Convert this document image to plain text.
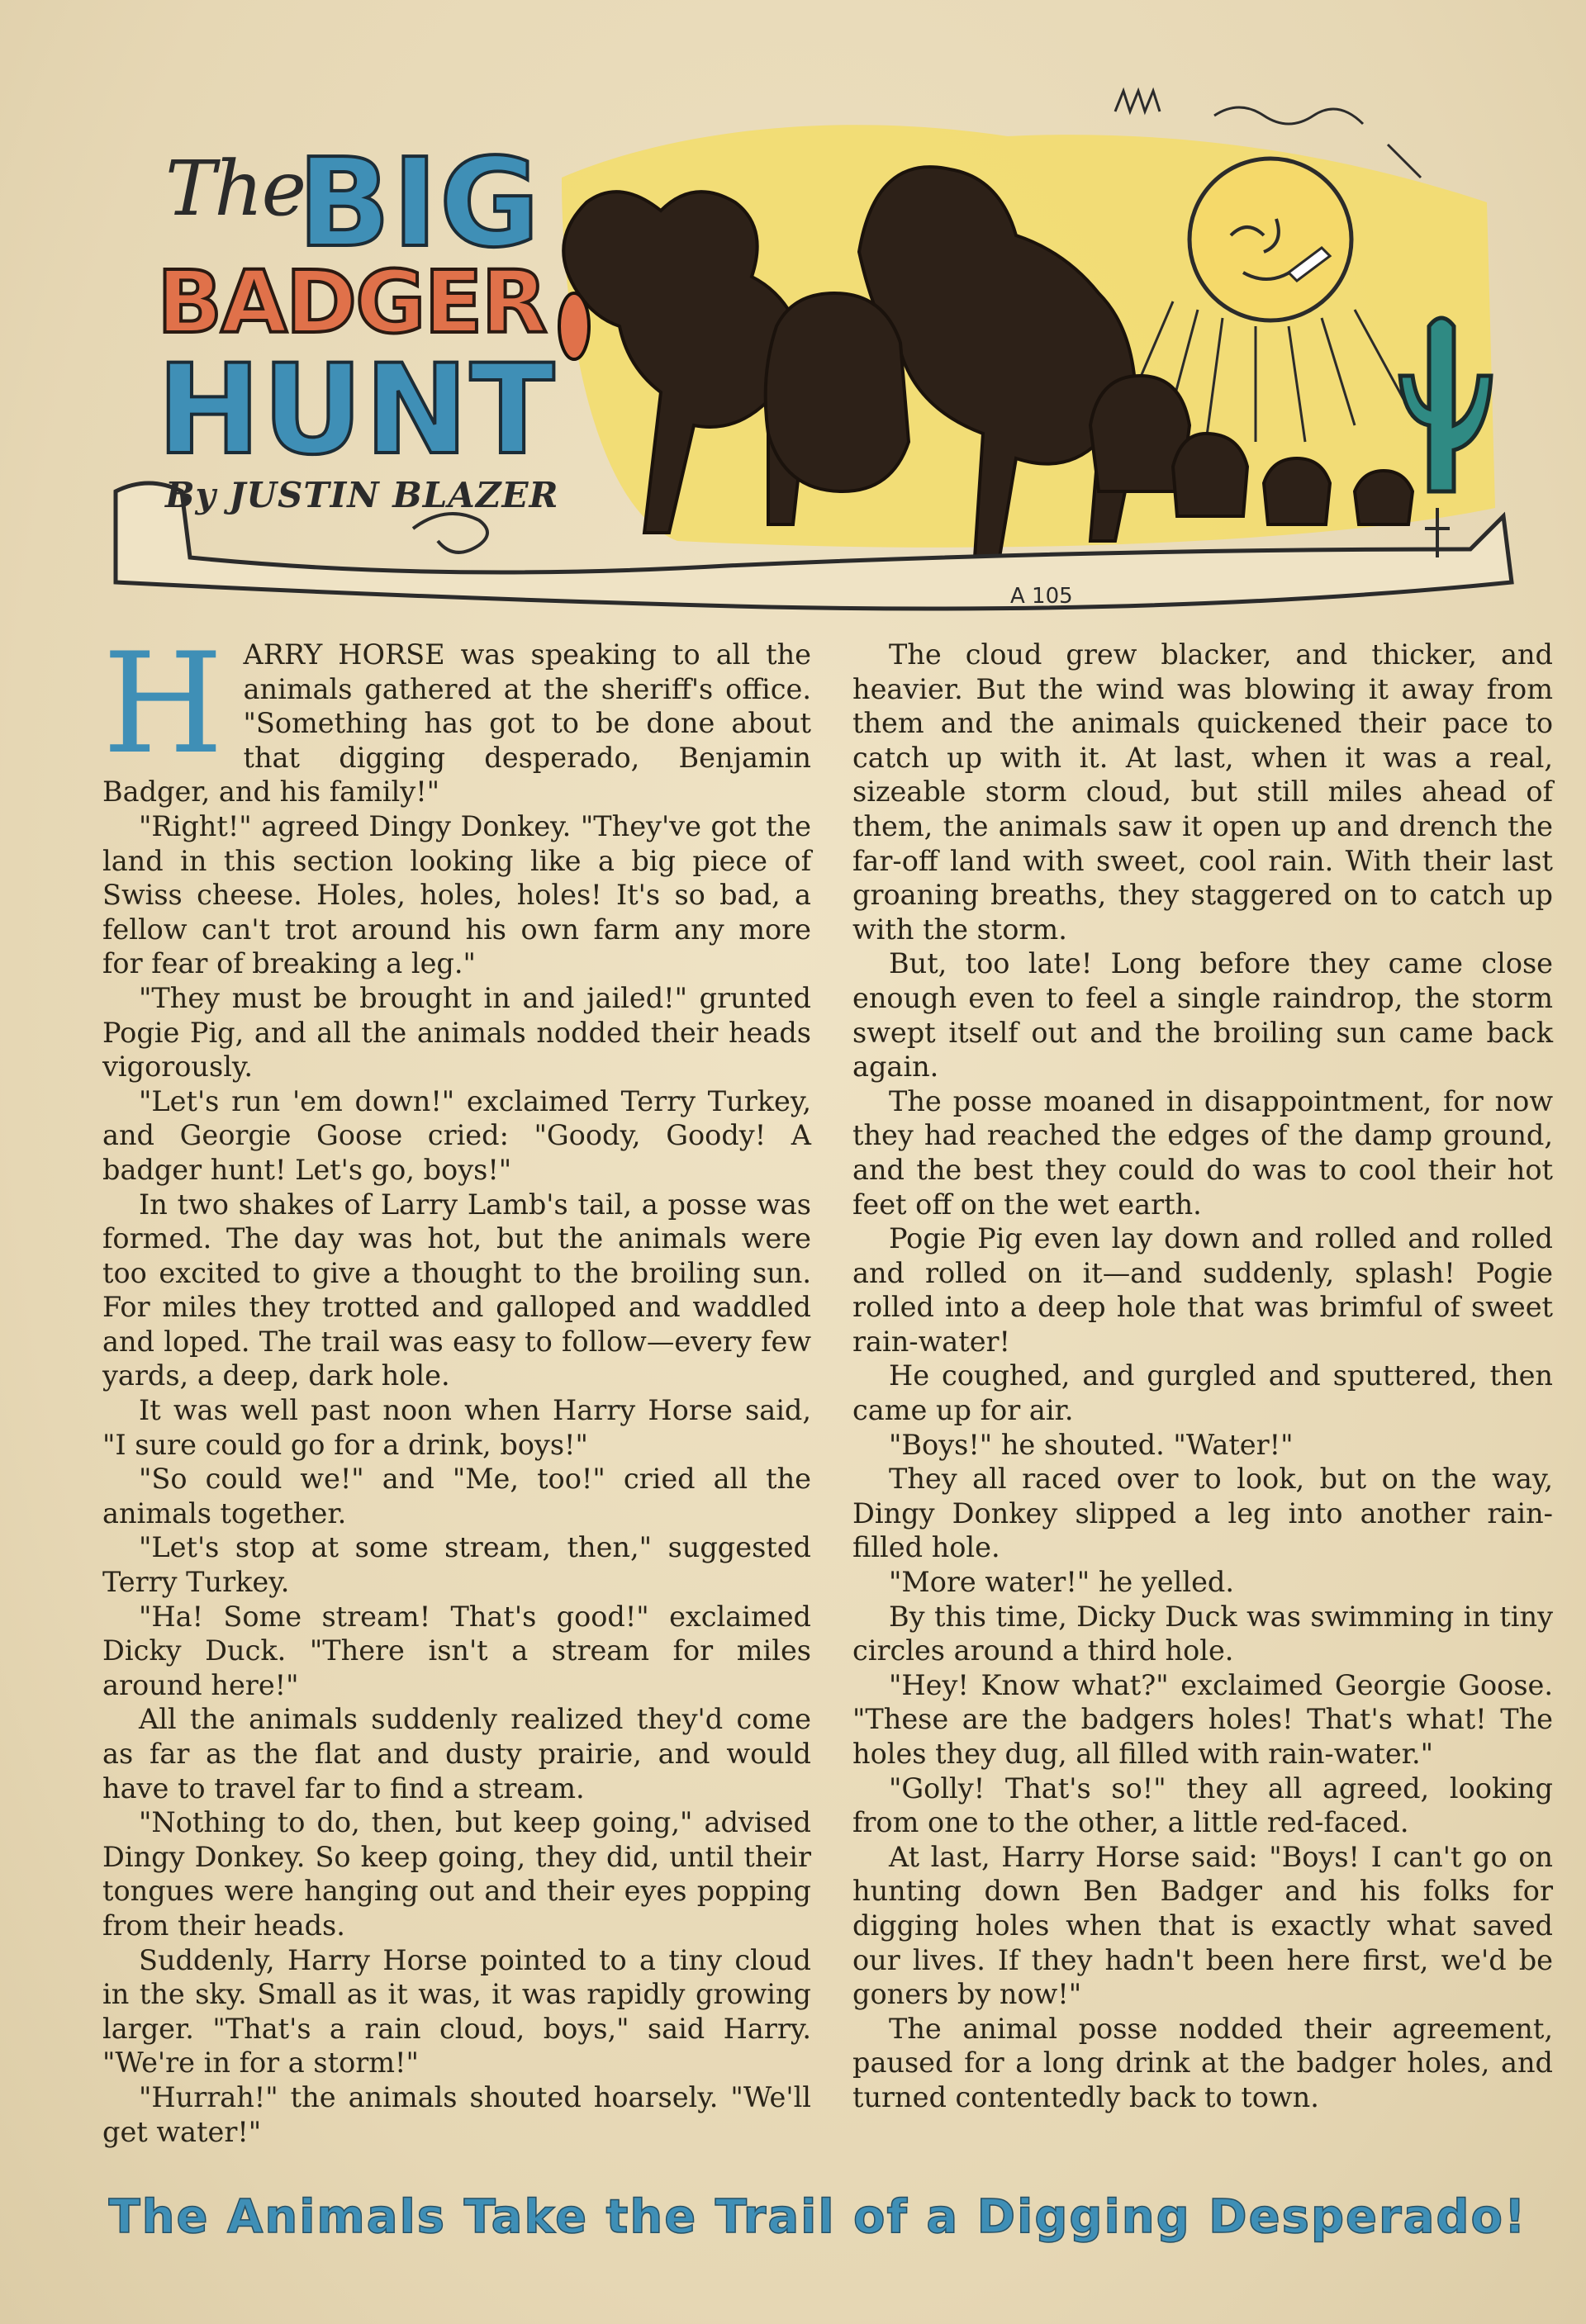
The
BIG
BADGER
HUNT
By JUSTIN BLAZER
A 105
H ARRY HORSE was speaking to all the animals gathered at the sheriff's office. "Something has got to be done about that digging desperado, Benjamin Badger, and his family!"

"Right!" agreed Dingy Donkey. "They've got the land in this section looking like a big piece of Swiss cheese. Holes, holes, holes! It's so bad, a fellow can't trot around his own farm any more for fear of breaking a leg."

"They must be brought in and jailed!" grunted Pogie Pig, and all the animals nodded their heads vigorously.

"Let's run 'em down!" exclaimed Terry Turkey, and Georgie Goose cried: "Goody, Goody! A badger hunt! Let's go, boys!"

In two shakes of Larry Lamb's tail, a posse was formed. The day was hot, but the animals were too excited to give a thought to the broiling sun. For miles they trotted and galloped and waddled and loped. The trail was easy to follow—every few yards, a deep, dark hole.

It was well past noon when Harry Horse said, "I sure could go for a drink, boys!"

"So could we!" and "Me, too!" cried all the animals together.

"Let's stop at some stream, then," suggested Terry Turkey.

"Ha! Some stream! That's good!" exclaimed Dicky Duck. "There isn't a stream for miles around here!"

All the animals suddenly realized they'd come as far as the flat and dusty prairie, and would have to travel far to find a stream.

"Nothing to do, then, but keep going," advised Dingy Donkey. So keep going, they did, until their tongues were hanging out and their eyes popping from their heads.

Suddenly, Harry Horse pointed to a tiny cloud in the sky. Small as it was, it was rapidly growing larger. "That's a rain cloud, boys," said Harry. "We're in for a storm!"

"Hurrah!" the animals shouted hoarsely. "We'll get water!"

The cloud grew blacker, and thicker, and heavier. But the wind was blowing it away from them and the animals quickened their pace to catch up with it. At last, when it was a real, sizeable storm cloud, but still miles ahead of them, the animals saw it open up and drench the far-off land with sweet, cool rain. With their last groaning breaths, they staggered on to catch up with the storm.

But, too late! Long before they came close enough even to feel a single raindrop, the storm swept itself out and the broiling sun came back again.

The posse moaned in disappointment, for now they had reached the edges of the damp ground, and the best they could do was to cool their hot feet off on the wet earth.

Pogie Pig even lay down and rolled and rolled and rolled on it—and suddenly, splash! Pogie rolled into a deep hole that was brimful of sweet rain-water!

He coughed, and gurgled and sputtered, then came up for air.

"Boys!" he shouted. "Water!"

They all raced over to look, but on the way, Dingy Donkey slipped a leg into another rain-filled hole.

"More water!" he yelled.

By this time, Dicky Duck was swimming in tiny circles around a third hole.

"Hey! Know what?" exclaimed Georgie Goose. "These are the badgers holes! That's what! The holes they dug, all filled with rain-water."

"Golly! That's so!" they all agreed, looking from one to the other, a little red-faced.

At last, Harry Horse said: "Boys! I can't go on hunting down Ben Badger and his folks for digging holes when that is exactly what saved our lives. If they hadn't been here first, we'd be goners by now!"

The animal posse nodded their agreement, paused for a long drink at the badger holes, and turned contentedly back to town.

The Animals Take the Trail of a Digging Desperado!
